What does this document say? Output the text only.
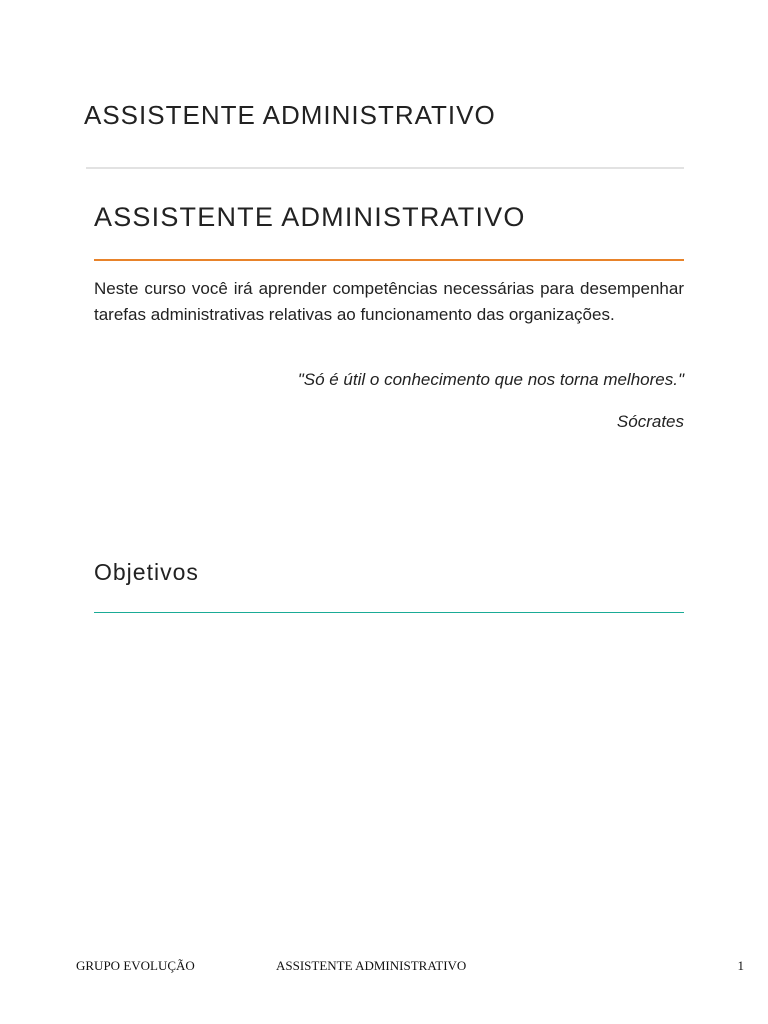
ASSISTENTE ADMINISTRATIVO
ASSISTENTE ADMINISTRATIVO

Neste curso você irá aprender competências necessárias para desempenhar tarefas administrativas relativas ao funcionamento das organizações.

"Só é útil o conhecimento que nos torna melhores."

Sócrates

Objetivos
GRUPO EVOLUÇÃO	ASSISTENTE ADMINISTRATIVO	1
